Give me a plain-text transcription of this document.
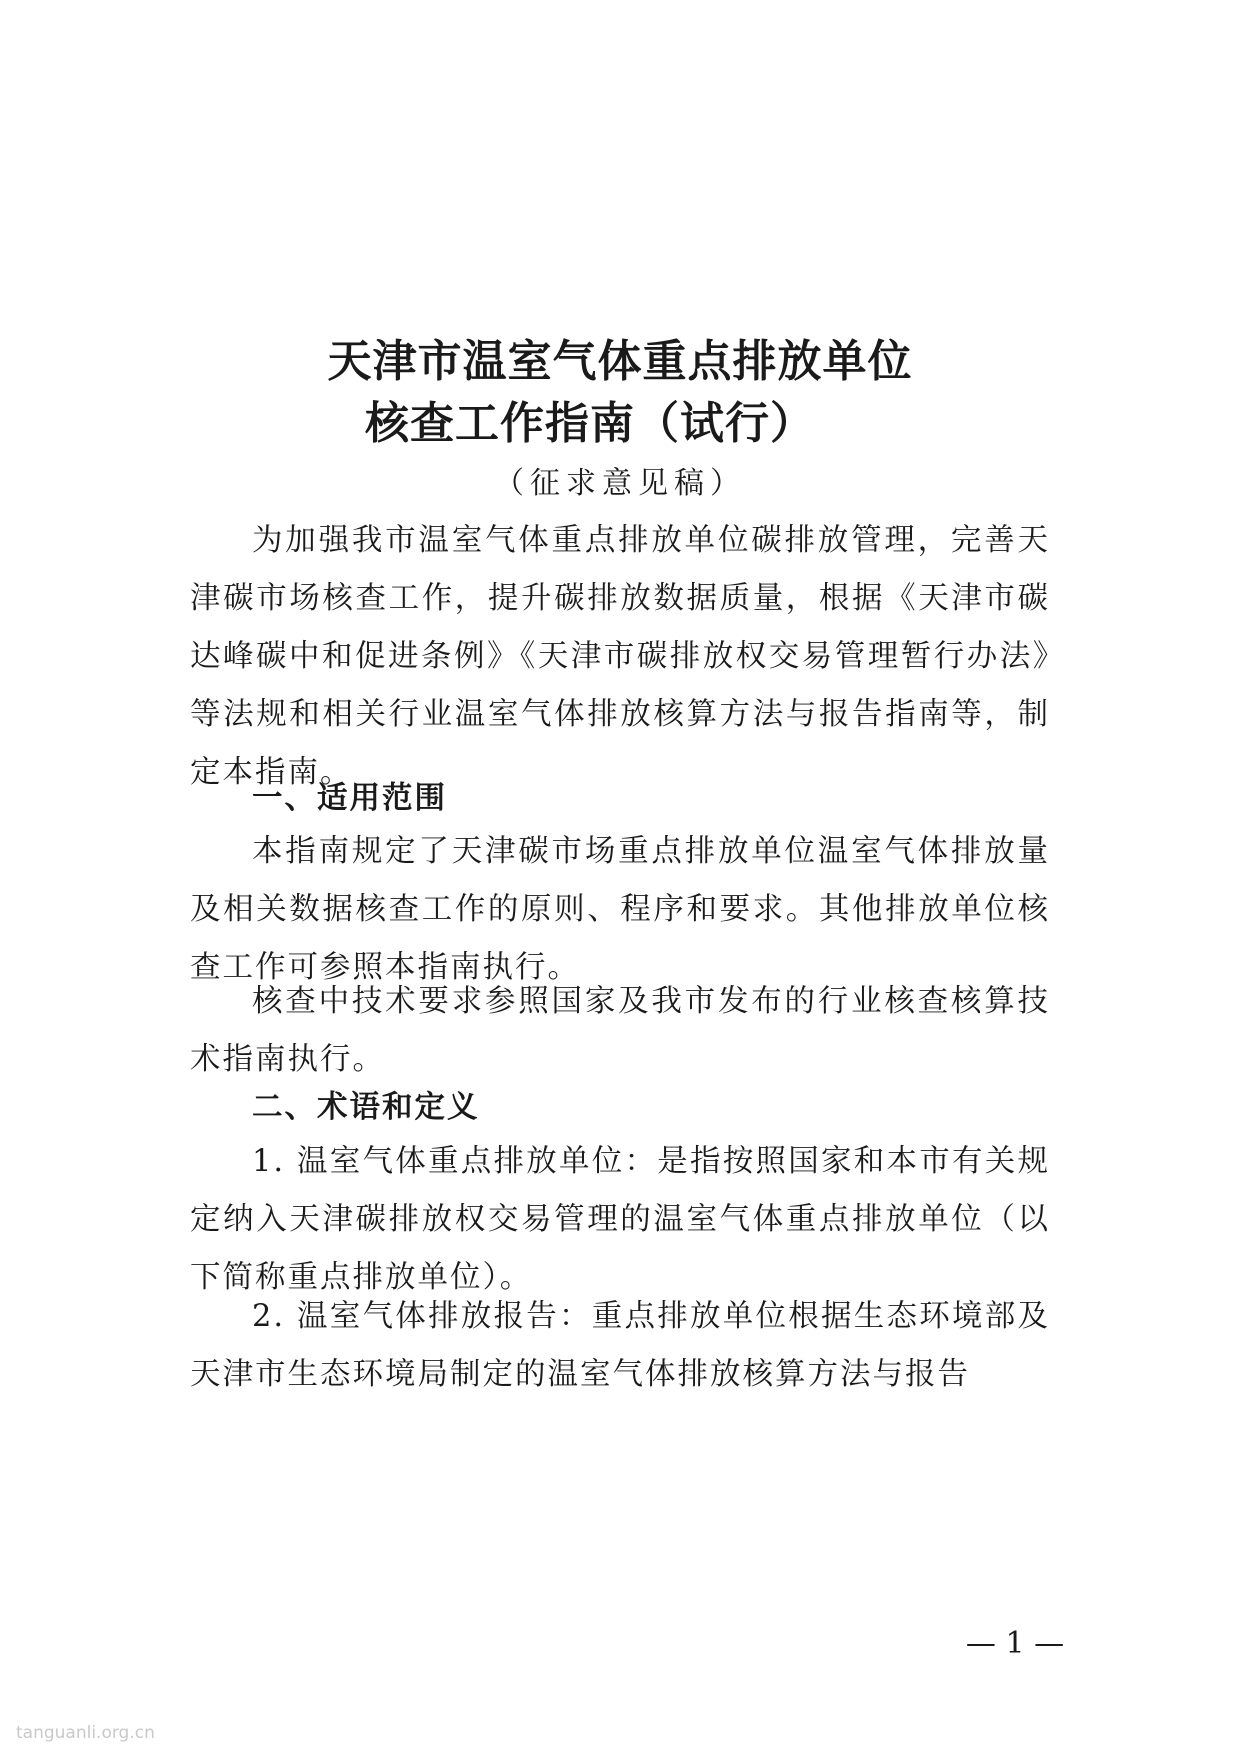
天津市温室气体重点排放单位
核查工作指南（试行）
（征求意见稿）
为加强我市温室气体重点排放单位碳排放管理，完善天津碳市场核查工作，提升碳排放数据质量，根据《天津市碳达峰碳中和促进条例》《天津市碳排放权交易管理暂行办法》等法规和相关行业温室气体排放核算方法与报告指南等，制定本指南。
一、适用范围
本指南规定了天津碳市场重点排放单位温室气体排放量及相关数据核查工作的原则、程序和要求。其他排放单位核查工作可参照本指南执行。
核查中技术要求参照国家及我市发布的行业核查核算技术指南执行。
二、术语和定义
1. 温室气体重点排放单位：是指按照国家和本市有关规定纳入天津碳排放权交易管理的温室气体重点排放单位（以下简称重点排放单位）。
2. 温室气体排放报告：重点排放单位根据生态环境部及天津市生态环境局制定的温室气体排放核算方法与报告
— 1 —
tanguanli.org.cn
